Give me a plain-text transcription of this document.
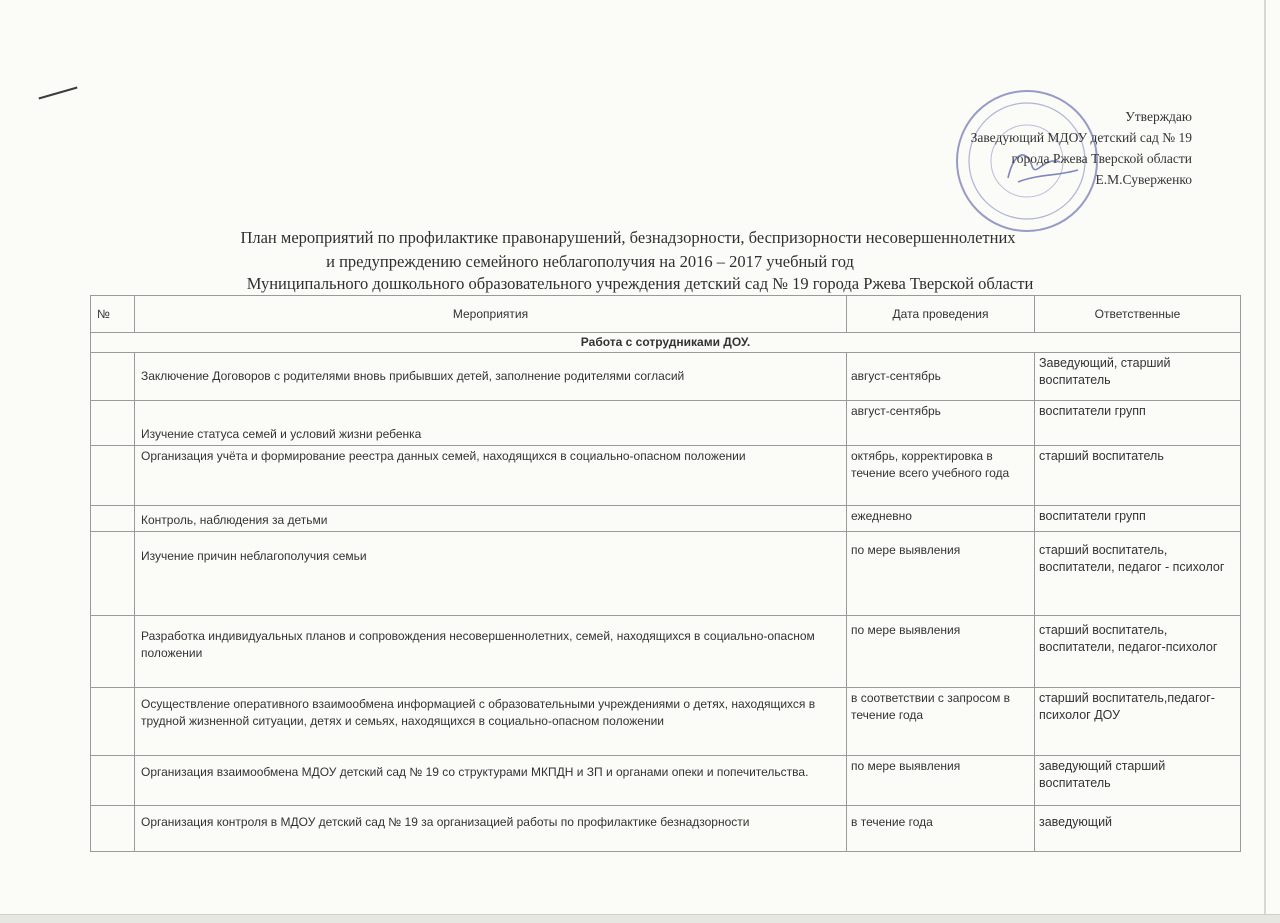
Утверждаю
Заведующий МДОУ детский сад № 19
города Ржева Тверской области
Е.М.Суверженко
План мероприятий по профилактике правонарушений, безнадзорности, беспризорности несовершеннолетних
и предупреждению семейного неблагополучия на 2016 – 2017 учебный год
Муниципального дошкольного образовательного учреждения детский сад № 19 города Ржева Тверской области
№	Мероприятия	Дата проведения	Ответственные
Работа с сотрудниками ДОУ.			
	Заключение Договоров с родителями вновь прибывших детей, заполнение родителями согласий	август-сентябрь	Заведующий, старший воспитатель
	Изучение статуса семей и условий жизни ребенка	август-сентябрь	воспитатели групп
	Организация учёта и формирование реестра данных семей, находящихся в социально-опасном положении	октябрь, корректировка в течение всего учебного года	старший воспитатель
	Контроль, наблюдения за детьми	ежедневно	воспитатели групп
	Изучение причин неблагополучия семьи	по мере выявления	старший воспитатель, воспитатели, педагог - психолог
	Разработка индивидуальных планов и сопровождения несовершеннолетних, семей, находящихся в социально-опасном положении	по мере выявления	старший воспитатель, воспитатели, педагог-психолог
	Осуществление оперативного взаимообмена информацией с образовательными учреждениями о детях, находящихся в трудной жизненной ситуации, детях и семьях, находящихся в социально-опасном положении	в соответствии с запросом в течение года	старший воспитатель,педагог-психолог ДОУ
	Организация взаимообмена МДОУ детский сад № 19 со структурами МКПДН и ЗП и органами опеки и попечительства.	по мере выявления	заведующий старший воспитатель
	Организация контроля в МДОУ детский сад № 19 за организацией работы по профилактике безнадзорности	в течение года	заведующий
